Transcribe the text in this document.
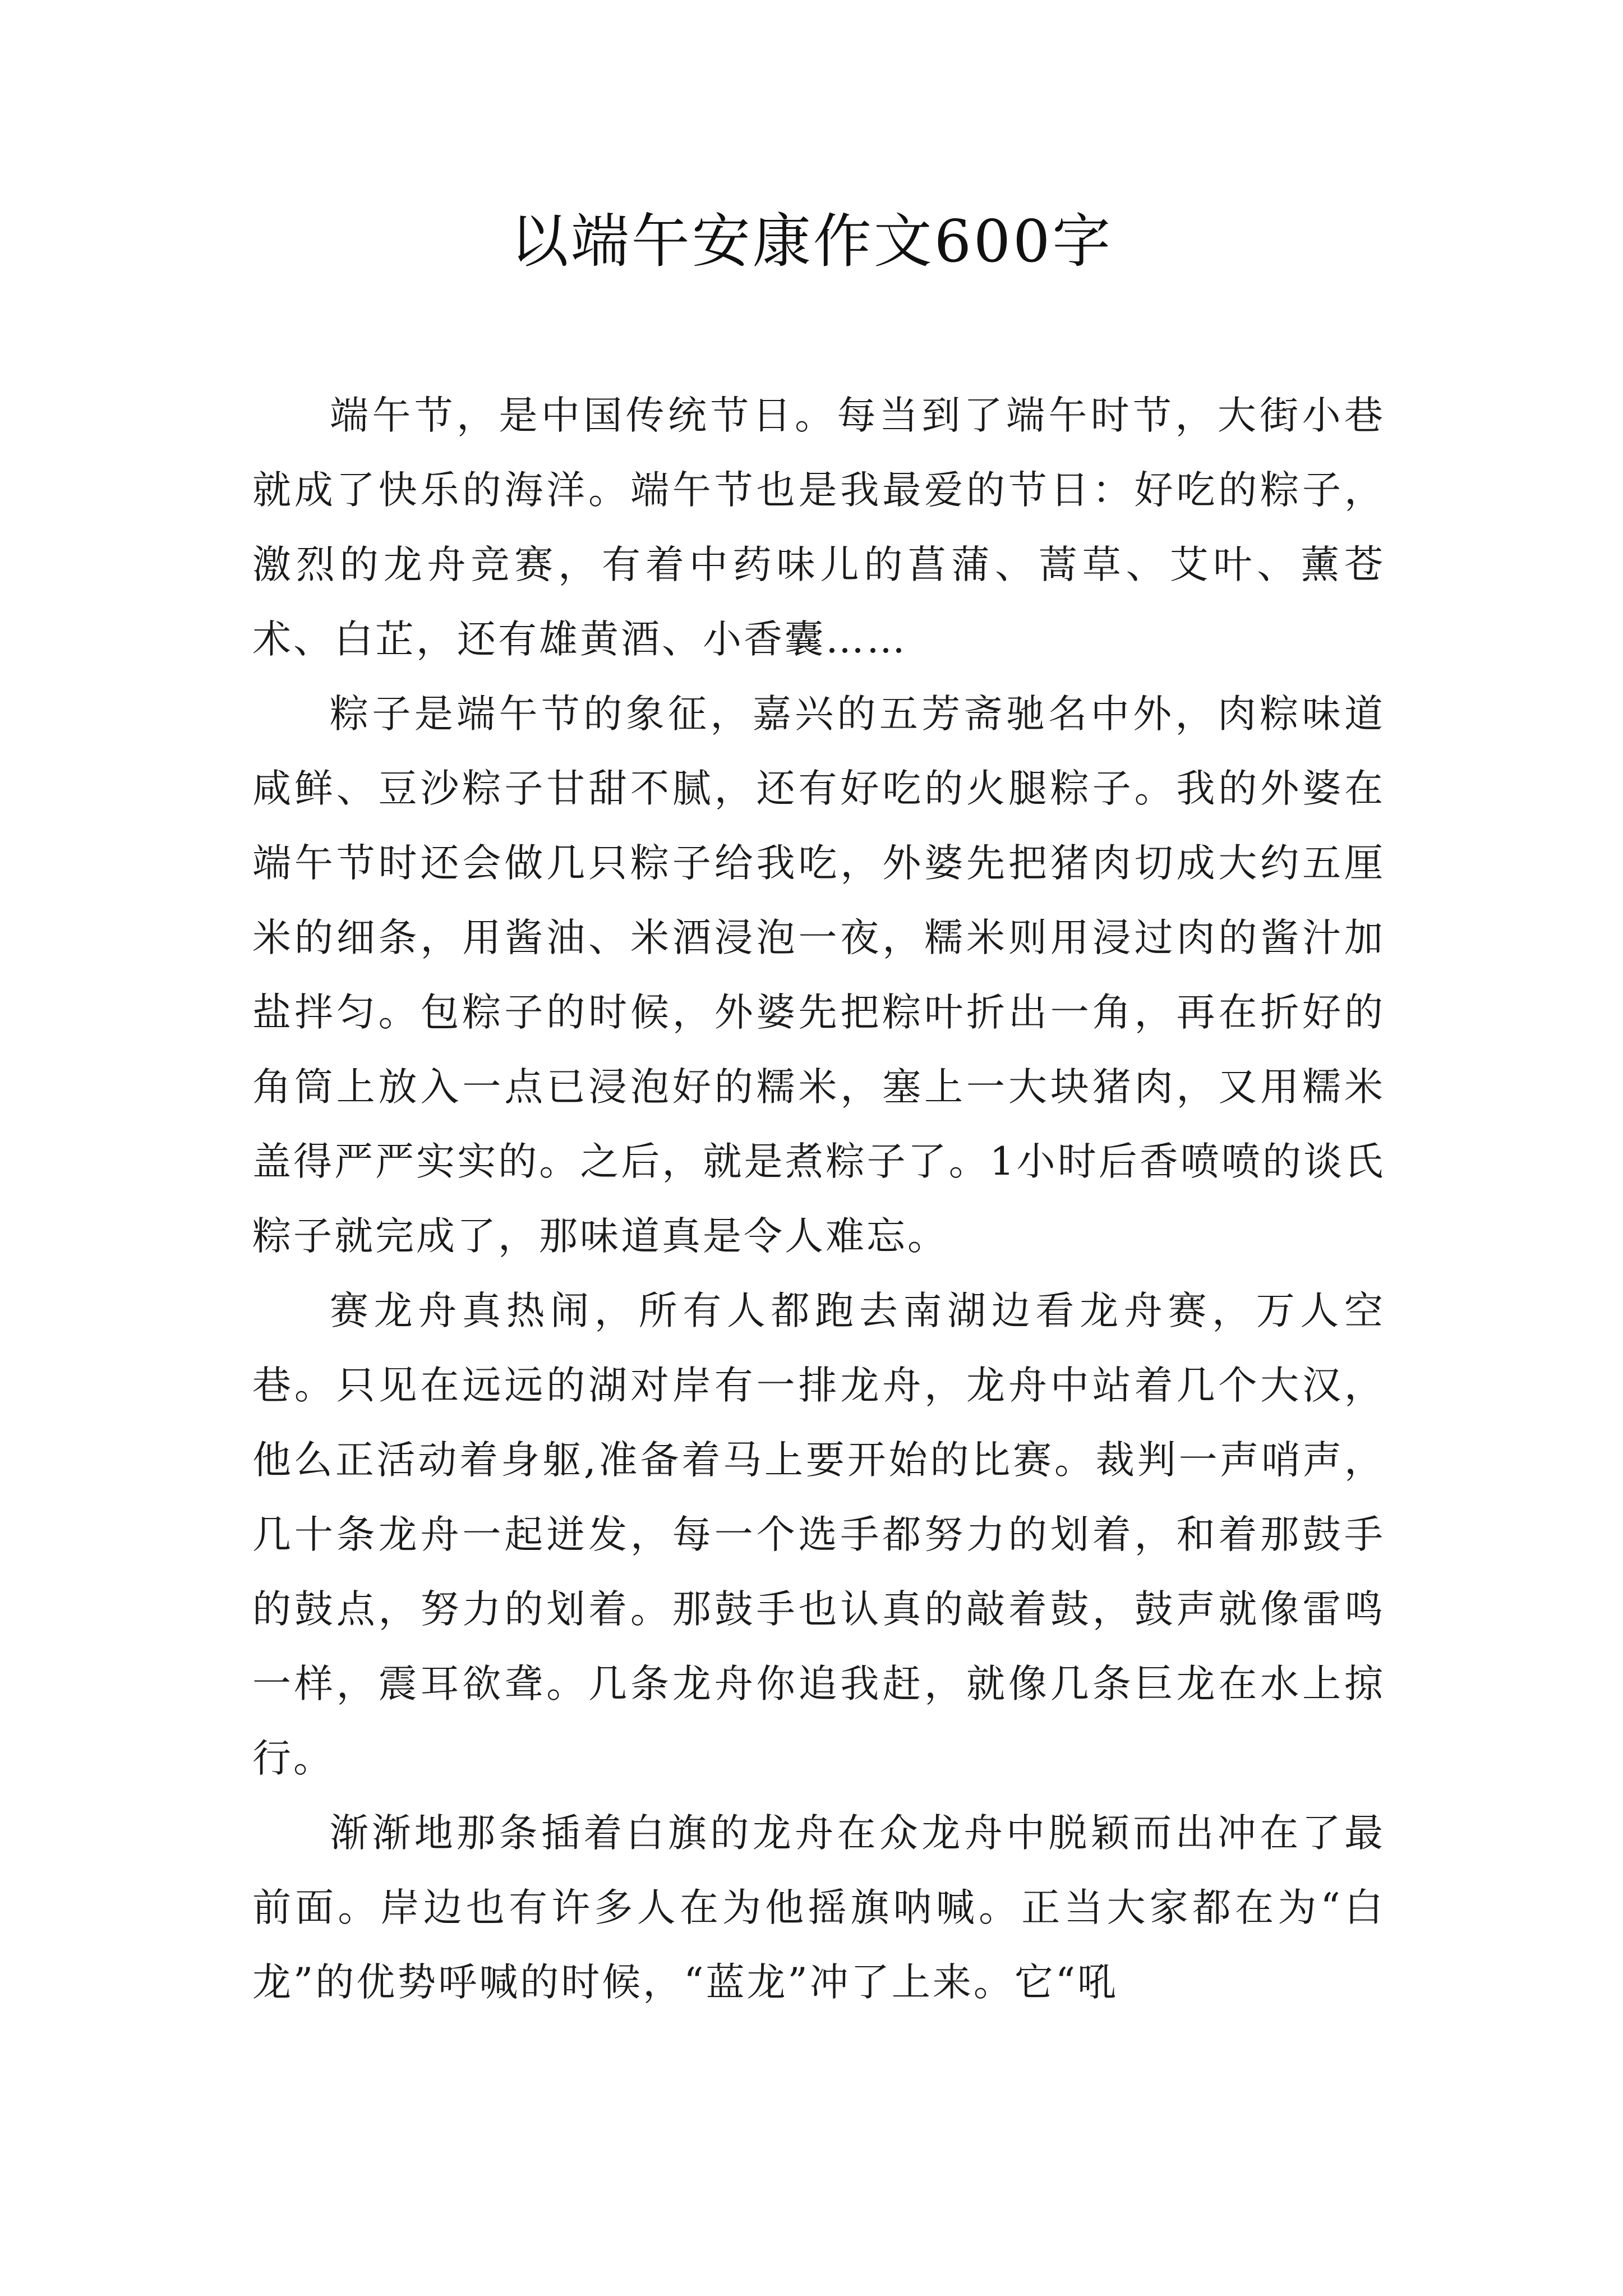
以端午安康作文600字

端午节，是中国传统节日。每当到了端午时节，大街小巷就成了快乐的海洋。端午节也是我最爱的节日：好吃的粽子，激烈的龙舟竞赛，有着中药味儿的菖蒲、蒿草、艾叶、薰苍术、白芷，还有雄黄酒、小香囊……

粽子是端午节的象征，嘉兴的五芳斋驰名中外，肉粽味道咸鲜、豆沙粽子甘甜不腻，还有好吃的火腿粽子。我的外婆在端午节时还会做几只粽子给我吃，外婆先把猪肉切成大约五厘米的细条，用酱油、米酒浸泡一夜，糯米则用浸过肉的酱汁加盐拌匀。包粽子的时候，外婆先把粽叶折出一角，再在折好的角筒上放入一点已浸泡好的糯米，塞上一大块猪肉，又用糯米盖得严严实实的。之后，就是煮粽子了。1小时后香喷喷的谈氏粽子就完成了，那味道真是令人难忘。

赛龙舟真热闹，所有人都跑去南湖边看龙舟赛，万人空巷。只见在远远的湖对岸有一排龙舟，龙舟中站着几个大汉，他么正活动着身躯,准备着马上要开始的比赛。裁判一声哨声，几十条龙舟一起迸发，每一个选手都努力的划着，和着那鼓手的鼓点，努力的划着。那鼓手也认真的敲着鼓，鼓声就像雷鸣一样，震耳欲聋。几条龙舟你追我赶，就像几条巨龙在水上掠行。

渐渐地那条插着白旗的龙舟在众龙舟中脱颖而出冲在了最前面。岸边也有许多人在为他摇旗呐喊。正当大家都在为“白龙”的优势呼喊的时候，“蓝龙”冲了上来。它“吼
